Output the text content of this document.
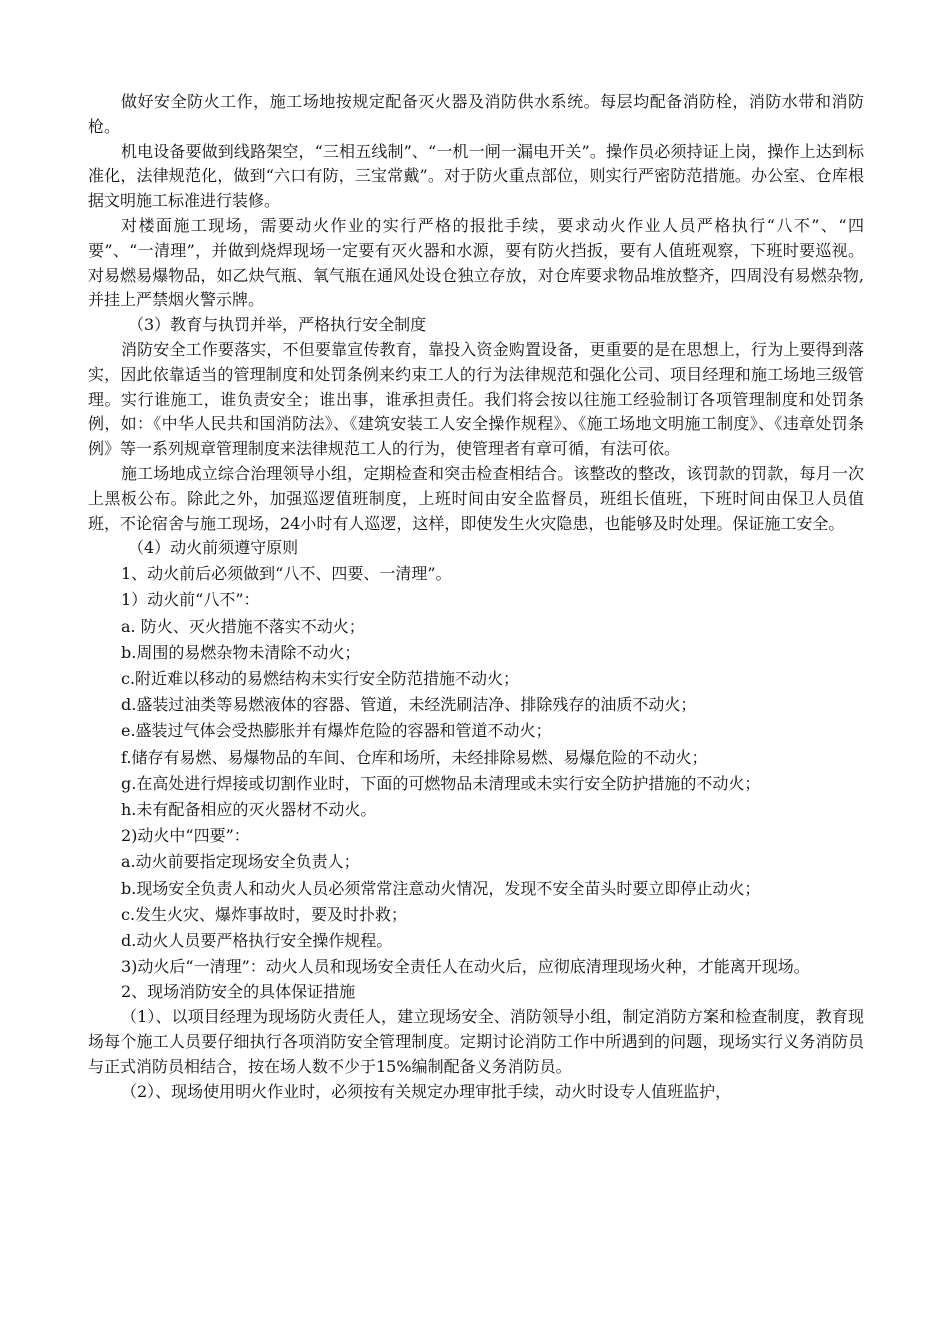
做好安全防火工作，施工场地按规定配备灭火器及消防供水系统。每层均配备消防栓，消防水带和消防枪。

机电设备要做到线路架空，“三相五线制”、“一机一闸一漏电开关”。操作员必须持证上岗，操作上达到标准化，法律规范化，做到“六口有防，三宝常戴”。对于防火重点部位，则实行严密防范措施。办公室、仓库根据文明施工标准进行装修。

对楼面施工现场，需要动火作业的实行严格的报批手续，要求动火作业人员严格执行“八不”、“四要”、“一清理”，并做到烧焊现场一定要有灭火器和水源，要有防火挡扳，要有人值班观察，下班时要巡视。对易燃易爆物品，如乙炔气瓶、氧气瓶在通风处设仓独立存放，对仓库要求物品堆放整齐，四周没有易燃杂物,并挂上严禁烟火警示牌。

（3）教育与执罚并举，严格执行安全制度

消防安全工作要落实，不但要靠宣传教育，靠投入资金购置设备，更重要的是在思想上，行为上要得到落实，因此依靠适当的管理制度和处罚条例来约束工人的行为法律规范和强化公司、项目经理和施工场地三级管理。实行谁施工，谁负责安全；谁出事，谁承担责任。我们将会按以往施工经验制订各项管理制度和处罚条例，如：《中华人民共和国消防法》、《建筑安装工人安全操作规程》、《施工场地文明施工制度》、《违章处罚条例》等一系列规章管理制度来法律规范工人的行为，使管理者有章可循，有法可依。

施工场地成立综合治理领导小组，定期检查和突击检查相结合。该整改的整改，该罚款的罚款，每月一次上黑板公布。除此之外，加强巡逻值班制度，上班时间由安全监督员，班组长值班，下班时间由保卫人员值班，不论宿舍与施工现场，24小时有人巡逻，这样，即使发生火灾隐患，也能够及时处理。保证施工安全。

（4）动火前须遵守原则

1、动火前后必须做到“八不、四要、一清理”。

1）动火前“八不”：

a. 防火、灭火措施不落实不动火；

b.周围的易燃杂物未清除不动火；

c.附近难以移动的易燃结构未实行安全防范措施不动火；

d.盛装过油类等易燃液体的容器、管道，未经洗刷洁净、排除残存的油质不动火；

e.盛装过气体会受热膨胀并有爆炸危险的容器和管道不动火；

f.储存有易燃、易爆物品的车间、仓库和场所，未经排除易燃、易爆危险的不动火；

g.在高处进行焊接或切割作业时，下面的可燃物品未清理或未实行安全防护措施的不动火；

h.未有配备相应的灭火器材不动火。

2)动火中“四要”：

a.动火前要指定现场安全负责人；

b.现场安全负责人和动火人员必须常常注意动火情况，发现不安全苗头时要立即停止动火；

c.发生火灾、爆炸事故时，要及时扑救；

d.动火人员要严格执行安全操作规程。

3)动火后“一清理”：动火人员和现场安全责任人在动火后，应彻底清理现场火种，才能离开现场。

2、现场消防安全的具体保证措施

（1）、以项目经理为现场防火责任人，建立现场安全、消防领导小组，制定消防方案和检查制度，教育现场每个施工人员要仔细执行各项消防安全管理制度。定期讨论消防工作中所遇到的问题，现场实行义务消防员与正式消防员相结合，按在场人数不少于15%编制配备义务消防员。

（2）、现场使用明火作业时，必须按有关规定办理审批手续，动火时设专人值班监护，
